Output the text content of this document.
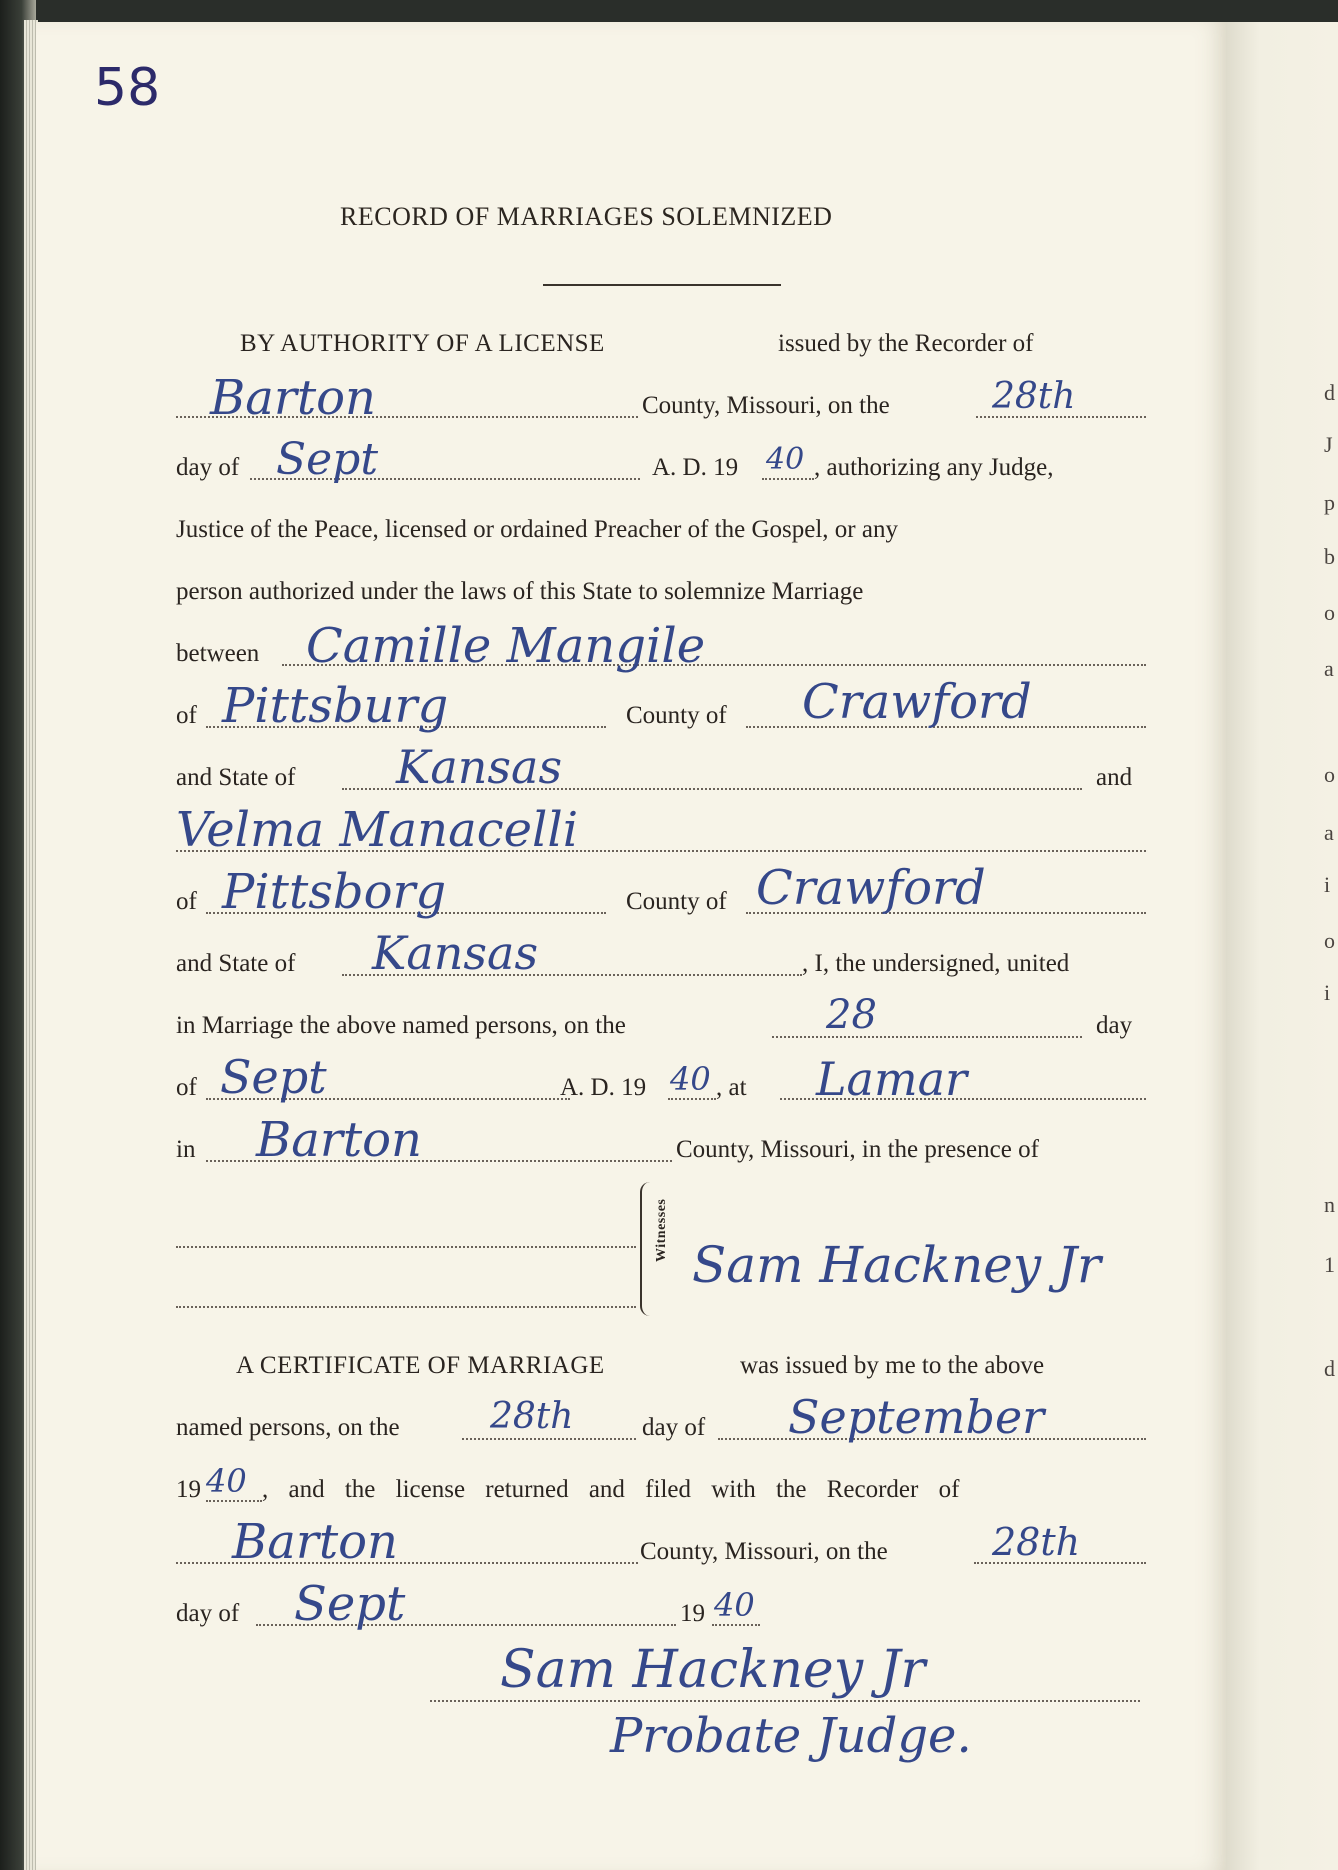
d
J
p
b
o
a
o
a
i
o
i
n
1
d
58
RECORD OF MARRIAGES SOLEMNIZED
BY AUTHORITY OF A LICENSE	issued by the Recorder of
Barton	County, Missouri, on the	28th
day of Sept	A. D. 19 40 , authorizing any Judge,
Justice of the Peace, licensed or ordained Preacher of the Gospel, or any
person authorized under the laws of this State to solemnize Marriage
between Camille Mangile
of Pittsburg	County of Crawford
and State of Kansas	and
Velma Manacelli
of Pittsborg	County of Crawford
and State of Kansas	, I, the undersigned, united
in Marriage the above named persons, on the	28	day
of Sept	A. D. 19 40 , at Lamar
in Barton	County, Missouri, in the presence of
Witnesses
Sam Hackney Jr
A CERTIFICATE OF MARRIAGE	was issued by me to the above
named persons, on the	28th	day of September
19 40 , and the license returned and filed with the Recorder of
Barton	County, Missouri, on the	28th
day of Sept	19 40
Sam Hackney Jr
Probate Judge.
